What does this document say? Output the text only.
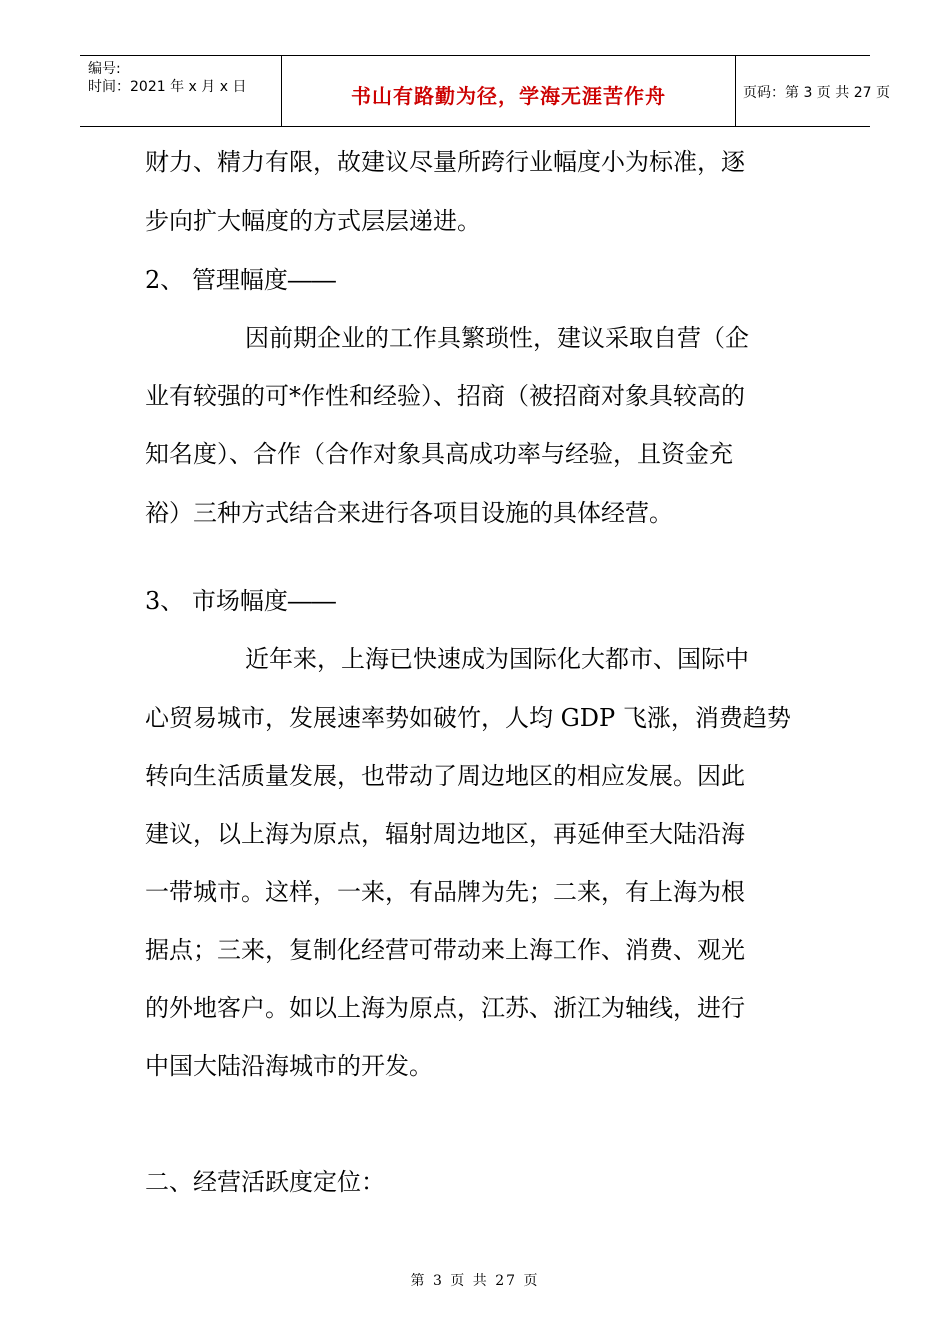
编号:
时间：2021 年 x 月 x 日	书山有路勤为径，学海无涯苦作舟	页码：第 3 页 共 27 页
财力、精力有限，故建议尽量所跨行业幅度小为标准，逐
步向扩大幅度的方式层层递进。
2、 管理幅度――
因前期企业的工作具繁琐性，建议采取自营（企
业有较强的可*作性和经验）、招商（被招商对象具较高的
知名度）、合作（合作对象具高成功率与经验，且资金充
裕）三种方式结合来进行各项目设施的具体经营。
3、 市场幅度――
近年来，上海已快速成为国际化大都市、国际中
心贸易城市，发展速率势如破竹，人均 GDP 飞涨，消费趋势
转向生活质量发展，也带动了周边地区的相应发展。因此
建议，以上海为原点，辐射周边地区，再延伸至大陆沿海
一带城市。这样，一来，有品牌为先；二来，有上海为根
据点；三来，复制化经营可带动来上海工作、消费、观光
的外地客户。如以上海为原点，江苏、浙江为轴线，进行
中国大陆沿海城市的开发。
二、经营活跃度定位：
第 3 页 共 27 页
